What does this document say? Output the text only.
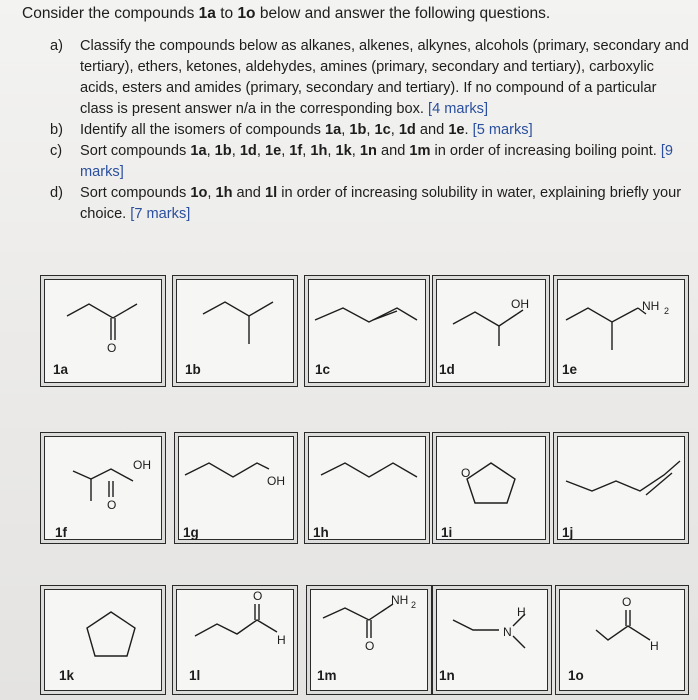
Consider the compounds 1a to 1o below and answer the following questions.
a)	Classify the compounds below as alkanes, alkenes, alkynes, alcohols (primary, secondary and tertiary), ethers, ketones, aldehydes, amines (primary, secondary and tertiary), carboxylic acids, esters and amides (primary, secondary and tertiary). If no compound of a particular class is present answer n/a in the corresponding box. [4 marks]
b)	Identify all the isomers of compounds 1a, 1b, 1c, 1d and 1e. [5 marks]
c)	Sort compounds 1a, 1b, 1d, 1e, 1f, 1h, 1k, 1n and 1m in order of increasing boiling point. [9 marks]
d)	Sort compounds 1o, 1h and 1l in order of increasing solubility in water, explaining briefly your choice. [7 marks]
O
1a	1b	1c
OH
1d
NH 2
1e
OH
O
1f
OH
1g	1h
O
1i	1j
1k
O
H
1l
NH 2
O
1m
N
H
1n
O
H
1o
